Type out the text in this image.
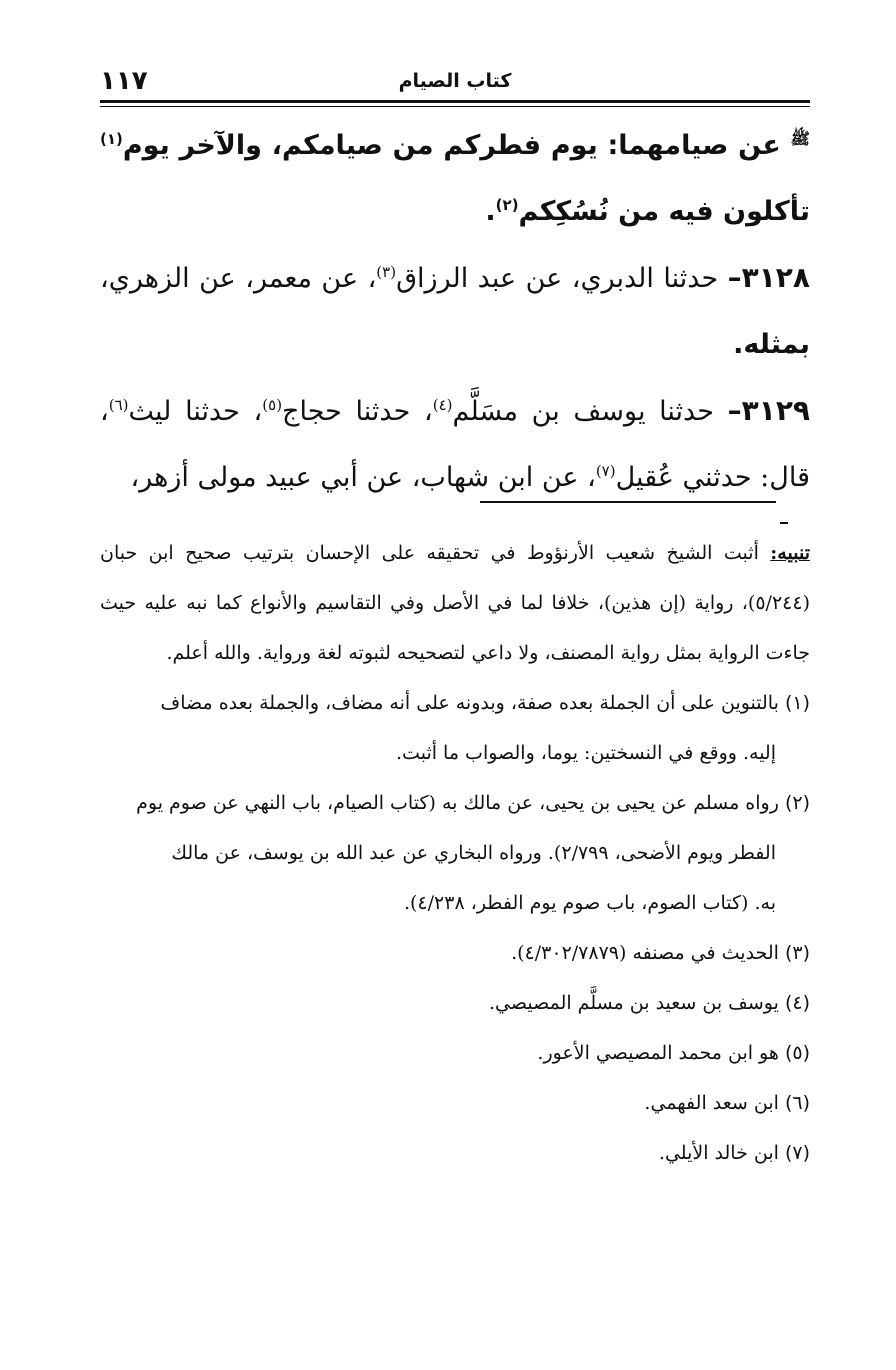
١١٧	كتاب الصيام

$^ﷺ$ عن صيامهما: يوم فطركم من صيامكم، والآخر يوم$^{(١)}$ تأكلون فيه من نُسُكِكم$^{(٢)}$.

٣١٢٨– حدثنا الدبري، عن عبد الرزاق$^{(٣)}$، عن معمر، عن الزهري، بمثله.

٣١٢٩– حدثنا يوسف بن مسَلَّم$^{(٤)}$، حدثنا حجاج$^{(٥)}$، حدثنا ليث$^{(٦)}$، قال: حدثني عُقيل$^{(٧)}$، عن ابن شهاب، عن أبي عبيد مولى أزهر،

تنبيه: أثبت الشيخ شعيب الأرنؤوط في تحقيقه على الإحسان بترتيب صحيح ابن حبان (٥/٢٤٤)، رواية (إن هذين)، خلافا لما في الأصل وفي التقاسيم والأنواع كما نبه عليه حيث جاءت الرواية بمثل رواية المصنف، ولا داعي لتصحيحه لثبوته لغة ورواية. والله أعلم.

(١) بالتنوين على أن الجملة بعده صفة، وبدونه على أنه مضاف، والجملة بعده مضاف

إليه. ووقع في النسختين: يوما، والصواب ما أثبت.

(٢) رواه مسلم عن يحيى بن يحيى، عن مالك به (كتاب الصيام، باب النهي عن صوم يوم

الفطر ويوم الأضحى، ٢/٧٩٩). ورواه البخاري عن عبد الله بن يوسف، عن مالك

به. (كتاب الصوم، باب صوم يوم الفطر، ٤/٢٣٨).

(٣) الحديث في مصنفه (٤/٣٠٢/٧٨٧٩).

(٤) يوسف بن سعيد بن مسلَّم المصيصي.

(٥) هو ابن محمد المصيصي الأعور.

(٦) ابن سعد الفهمي.

(٧) ابن خالد الأيلي.
